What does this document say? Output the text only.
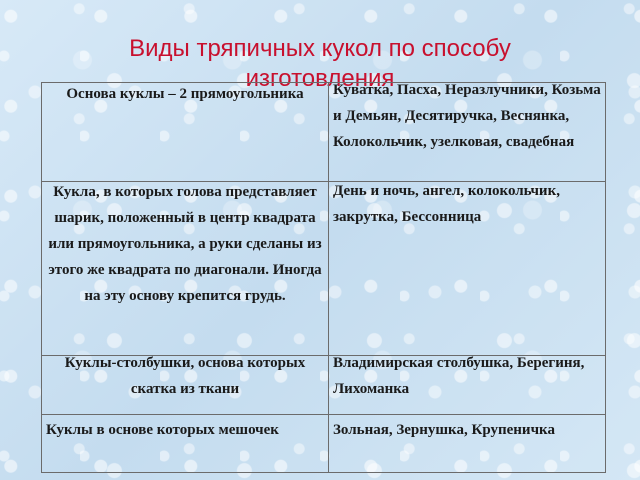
Виды тряпичных кукол по способу изготовления
Основа куклы – 2 прямоугольника	Куватка, Пасха, Неразлучники, Козьма и Демьян, Десятиручка, Веснянка, Колокольчик, узелковая, свадебная

Кукла, в которых голова представляет шарик, положенный в центр квадрата или прямоугольника, а руки сделаны из этого же квадрата по диагонали. Иногда на эту основу крепится грудь.	День и ночь, ангел, колокольчик, закрутка, Бессонница

Куклы-столбушки, основа которых скатка из ткани	Владимирская столбушка, Берегиня, Лихоманка

Куклы в основе которых мешочек	Зольная, Зернушка, Крупеничка
